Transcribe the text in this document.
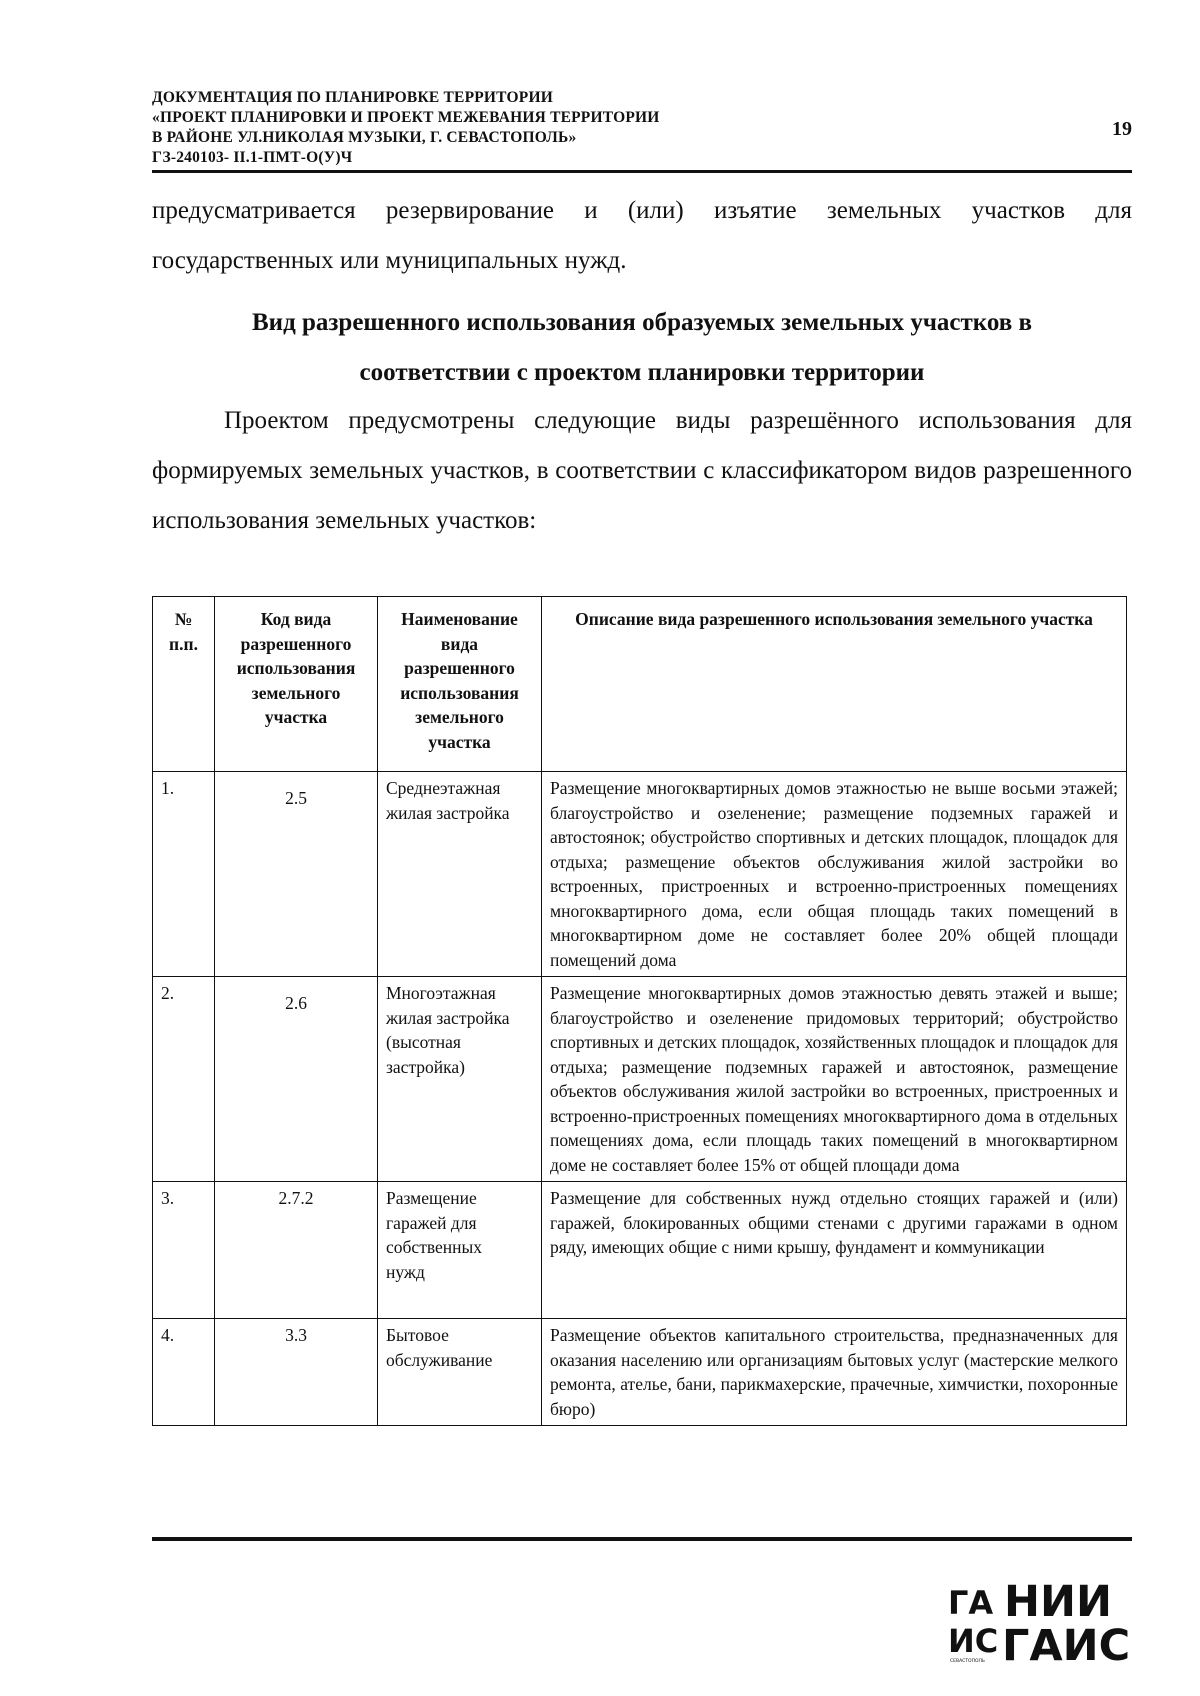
ДОКУМЕНТАЦИЯ ПО ПЛАНИРОВКЕ ТЕРРИТОРИИ
«ПРОЕКТ ПЛАНИРОВКИ И ПРОЕКТ МЕЖЕВАНИЯ ТЕРРИТОРИИ
В РАЙОНЕ УЛ.НИКОЛАЯ МУЗЫКИ, Г. СЕВАСТОПОЛЬ»
ГЗ-240103- II.1-ПМТ-О(У)Ч
19
предусматривается резервирование и (или) изъятие земельных участков для государственных или муниципальных нужд.
Вид разрешенного использования образуемых земельных участков в
соответствии с проектом планировки территории
Проектом предусмотрены следующие виды разрешённого использования для формируемых земельных участков, в соответствии с классификатором видов разрешенного использования земельных участков:
№ п.п.	Код вида разрешенного использования земельного участка	Наименование вида разрешенного использования земельного участка	Описание вида разрешенного использования земельного участка
1.	2.5	Среднеэтажная жилая застройка	Размещение многоквартирных домов этажностью не выше восьми этажей; благоустройство и озеленение; размещение подземных гаражей и автостоянок; обустройство спортивных и детских площадок, площадок для отдыха; размещение объектов обслуживания жилой застройки во встроенных, пристроенных и встроенно-пристроенных помещениях многоквартирного дома, если общая площадь таких помещений в многоквартирном доме не составляет более 20% общей площади помещений дома
2.	2.6	Многоэтажная жилая застройка (высотная застройка)	Размещение многоквартирных домов этажностью девять этажей и выше; благоустройство и озеленение придомовых территорий; обустройство спортивных и детских площадок, хозяйственных площадок и площадок для отдыха; размещение подземных гаражей и автостоянок, размещение объектов обслуживания жилой застройки во встроенных, пристроенных и встроенно-пристроенных помещениях многоквартирного дома в отдельных помещениях дома, если площадь таких помещений в многоквартирном доме не составляет более 15% от общей площади дома
3.	2.7.2	Размещение гаражей для собственных нужд	Размещение для собственных нужд отдельно стоящих гаражей и (или) гаражей, блокированных общими стенами с другими гаражами в одном ряду, имеющих общие с ними крышу, фундамент и коммуникации
4.	3.3	Бытовое обслуживание	Размещение объектов капитального строительства, предназначенных для оказания населению или организациям бытовых услуг (мастерские мелкого ремонта, ателье, бани, парикмахерские, прачечные, химчистки, похоронные бюро)
ГА
ИС
СЕВАСТОПОЛЬ
НИИ
ГАИС
